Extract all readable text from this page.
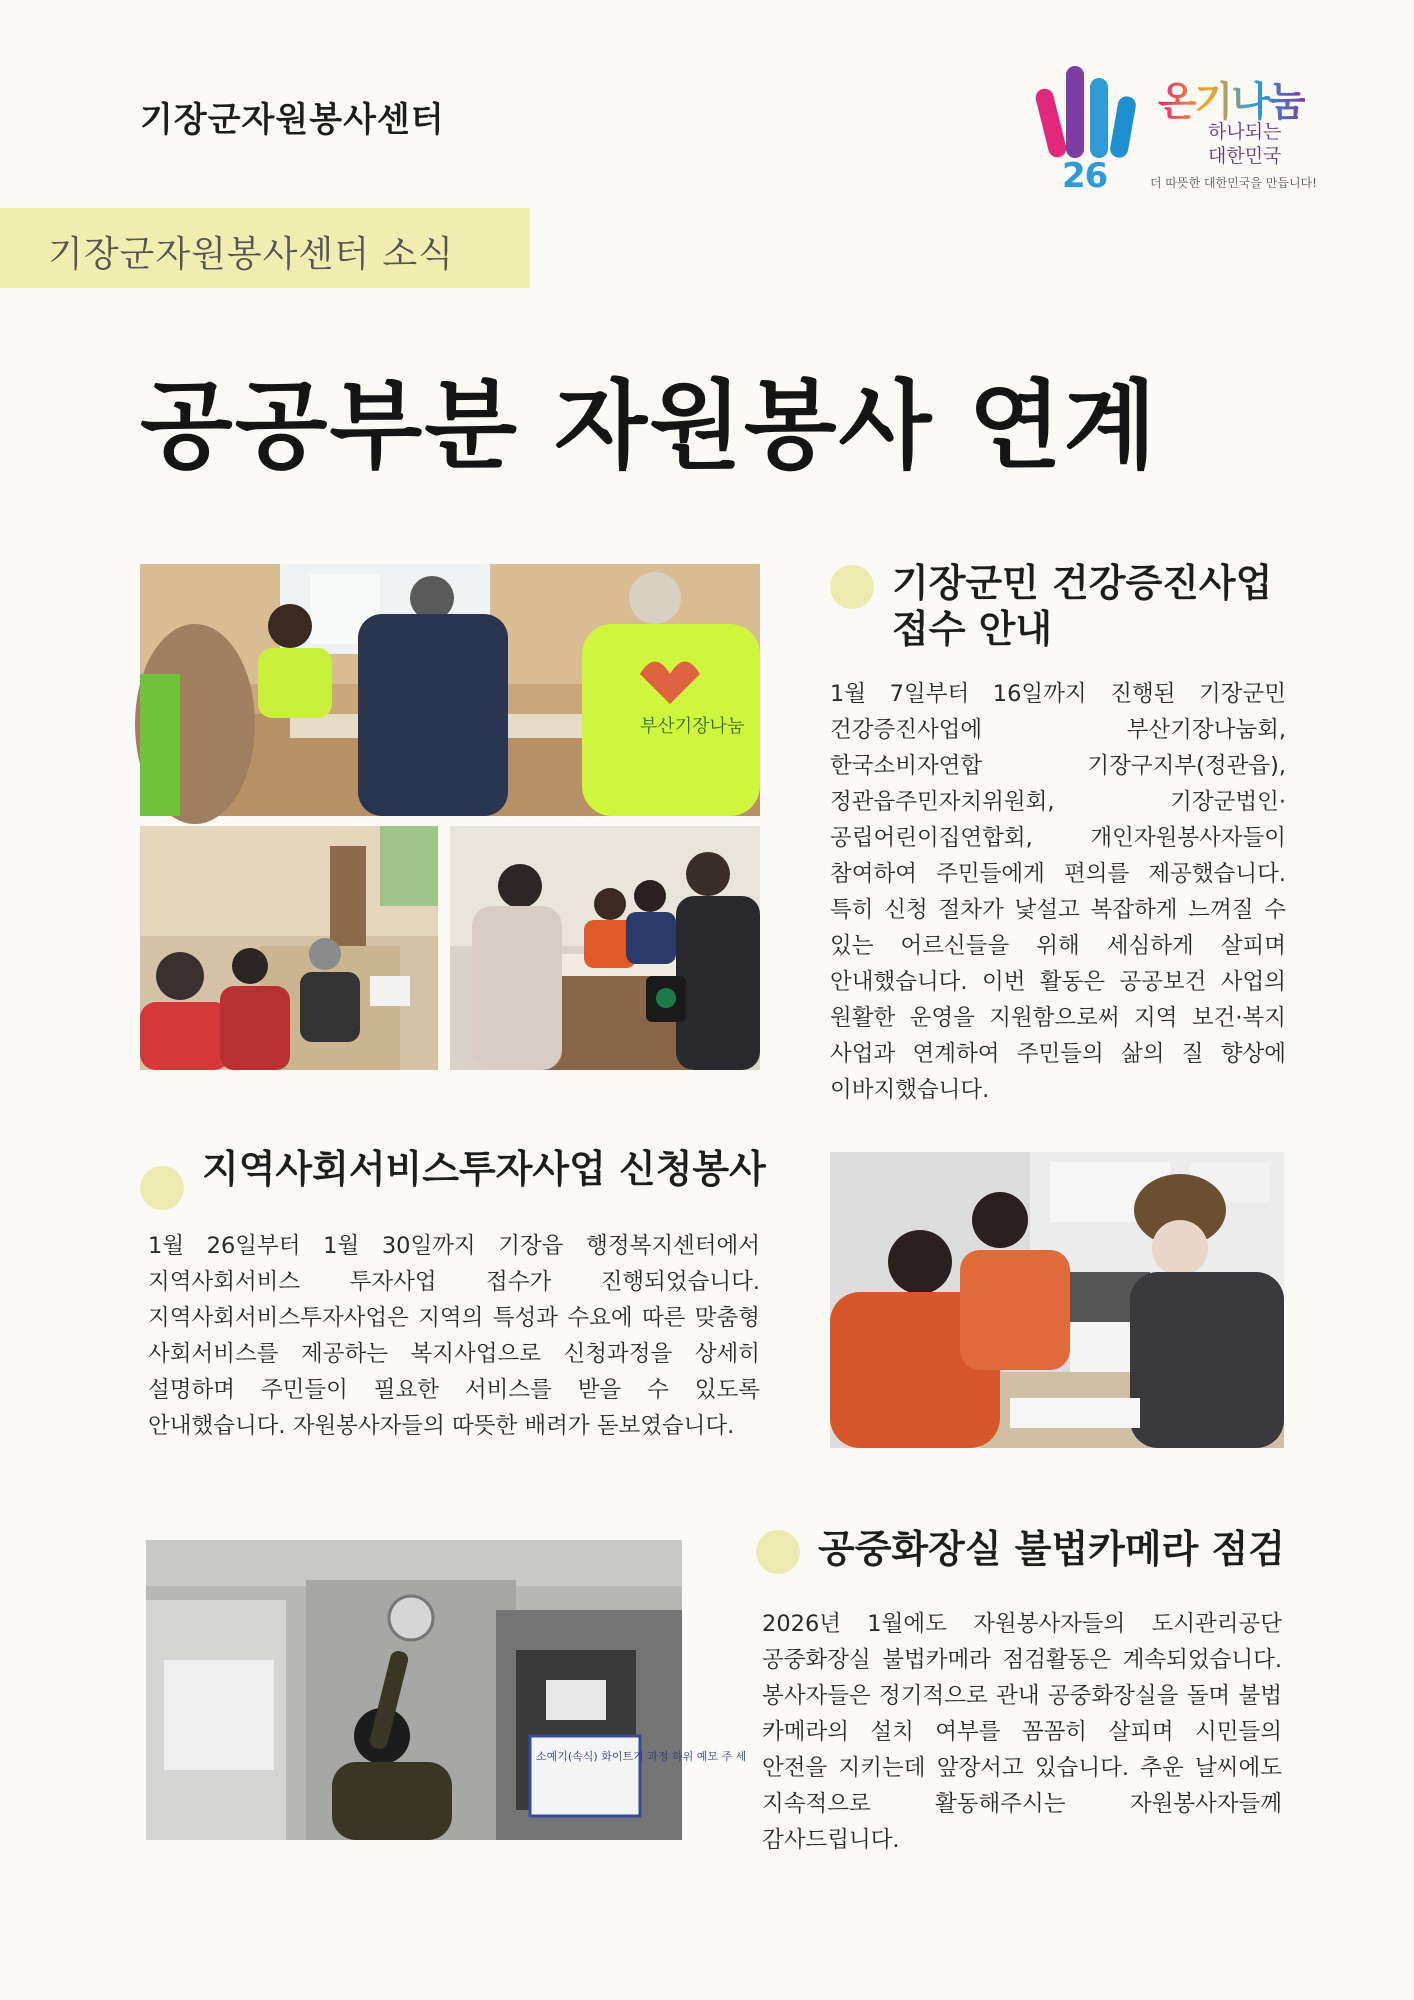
기장군자원봉사센터
26
온기나눔
하나되는
대한민국
더 따뜻한 대한민국을 만듭니다!
기장군자원봉사센터 소식
공공부분 자원봉사 연계
부산기장나눔
기장군민 건강증진사업
접수 안내
1월 7일부터 16일까지 진행된 기장군민 건강증진사업에 부산기장나눔회, 한국소비자연합 기장구지부(정관읍), 정관읍주민자치위원회, 기장군법인·공립어린이집연합회, 개인자원봉사자들이 참여하여 주민들에게 편의를 제공했습니다. 특히 신청 절차가 낯설고 복잡하게 느껴질 수 있는 어르신들을 위해 세심하게 살피며 안내했습니다. 이번 활동은 공공보건 사업의 원활한 운영을 지원함으로써 지역 보건·복지 사업과 연계하여 주민들의 삶의 질 향상에 이바지했습니다.
지역사회서비스투자사업 신청봉사
1월 26일부터 1월 30일까지 기장읍 행정복지센터에서 지역사회서비스 투자사업 접수가 진행되었습니다. 지역사회서비스투자사업은 지역의 특성과 수요에 따른 맞춤형 사회서비스를 제공하는 복지사업으로 신청과정을 상세히 설명하며 주민들이 필요한 서비스를 받을 수 있도록 안내했습니다. 자원봉사자들의 따뜻한 배려가 돋보였습니다.
소예기(속식) 화이트기 과정 하위 예모 주 세
공중화장실 불법카메라 점검
2026년 1월에도 자원봉사자들의 도시관리공단 공중화장실 불법카메라 점검활동은 계속되었습니다. 봉사자들은 정기적으로 관내 공중화장실을 돌며 불법 카메라의 설치 여부를 꼼꼼히 살피며 시민들의 안전을 지키는데 앞장서고 있습니다. 추운 날씨에도 지속적으로 활동해주시는 자원봉사자들께 감사드립니다.
